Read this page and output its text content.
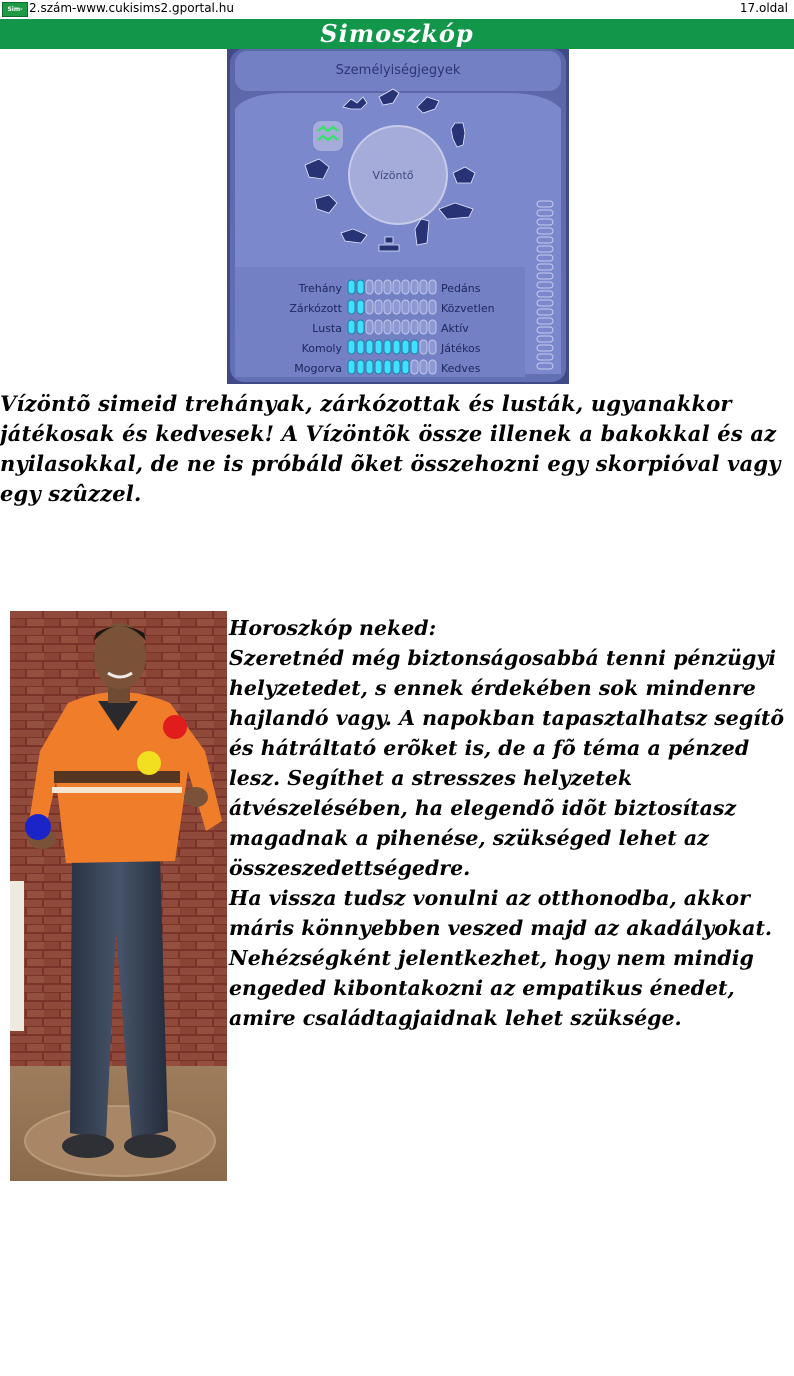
Sim- 2.szám-www.cukisims2.gportal.hu	17.oldal
Simoszkóp
Személyiségjegyek
Vízöntő
Trehány	Pedáns
Zárkózott	Közvetlen
Lusta	Aktív
Komoly	Játékos
Mogorva	Kedves
Vízöntõ simeid trehányak, zárkózottak és lusták, ugyanakkor játékosak és kedvesek! A Vízöntõk össze illenek a bakokkal és az nyilasokkal, de ne is próbáld õket összehozni egy skorpióval vagy egy szûzzel.

Horoszkóp neked:

Szeretnéd még biztonságosabbá tenni pénzügyi helyzetedet, s ennek érdekében sok mindenre hajlandó vagy. A napokban tapasztalhatsz segítõ és hátráltató erõket is, de a fõ téma a pénzed lesz. Segíthet a stresszes helyzetek átvészelésében, ha elegendõ idõt biztosítasz magadnak a pihenése, szükséged lehet az összeszedettségedre.

Ha vissza tudsz vonulni az otthonodba, akkor máris könnyebben veszed majd az akadályokat. Nehézségként jelentkezhet, hogy nem mindig engeded kibontakozni az empatikus énedet, amire családtagjaidnak lehet szüksége.
